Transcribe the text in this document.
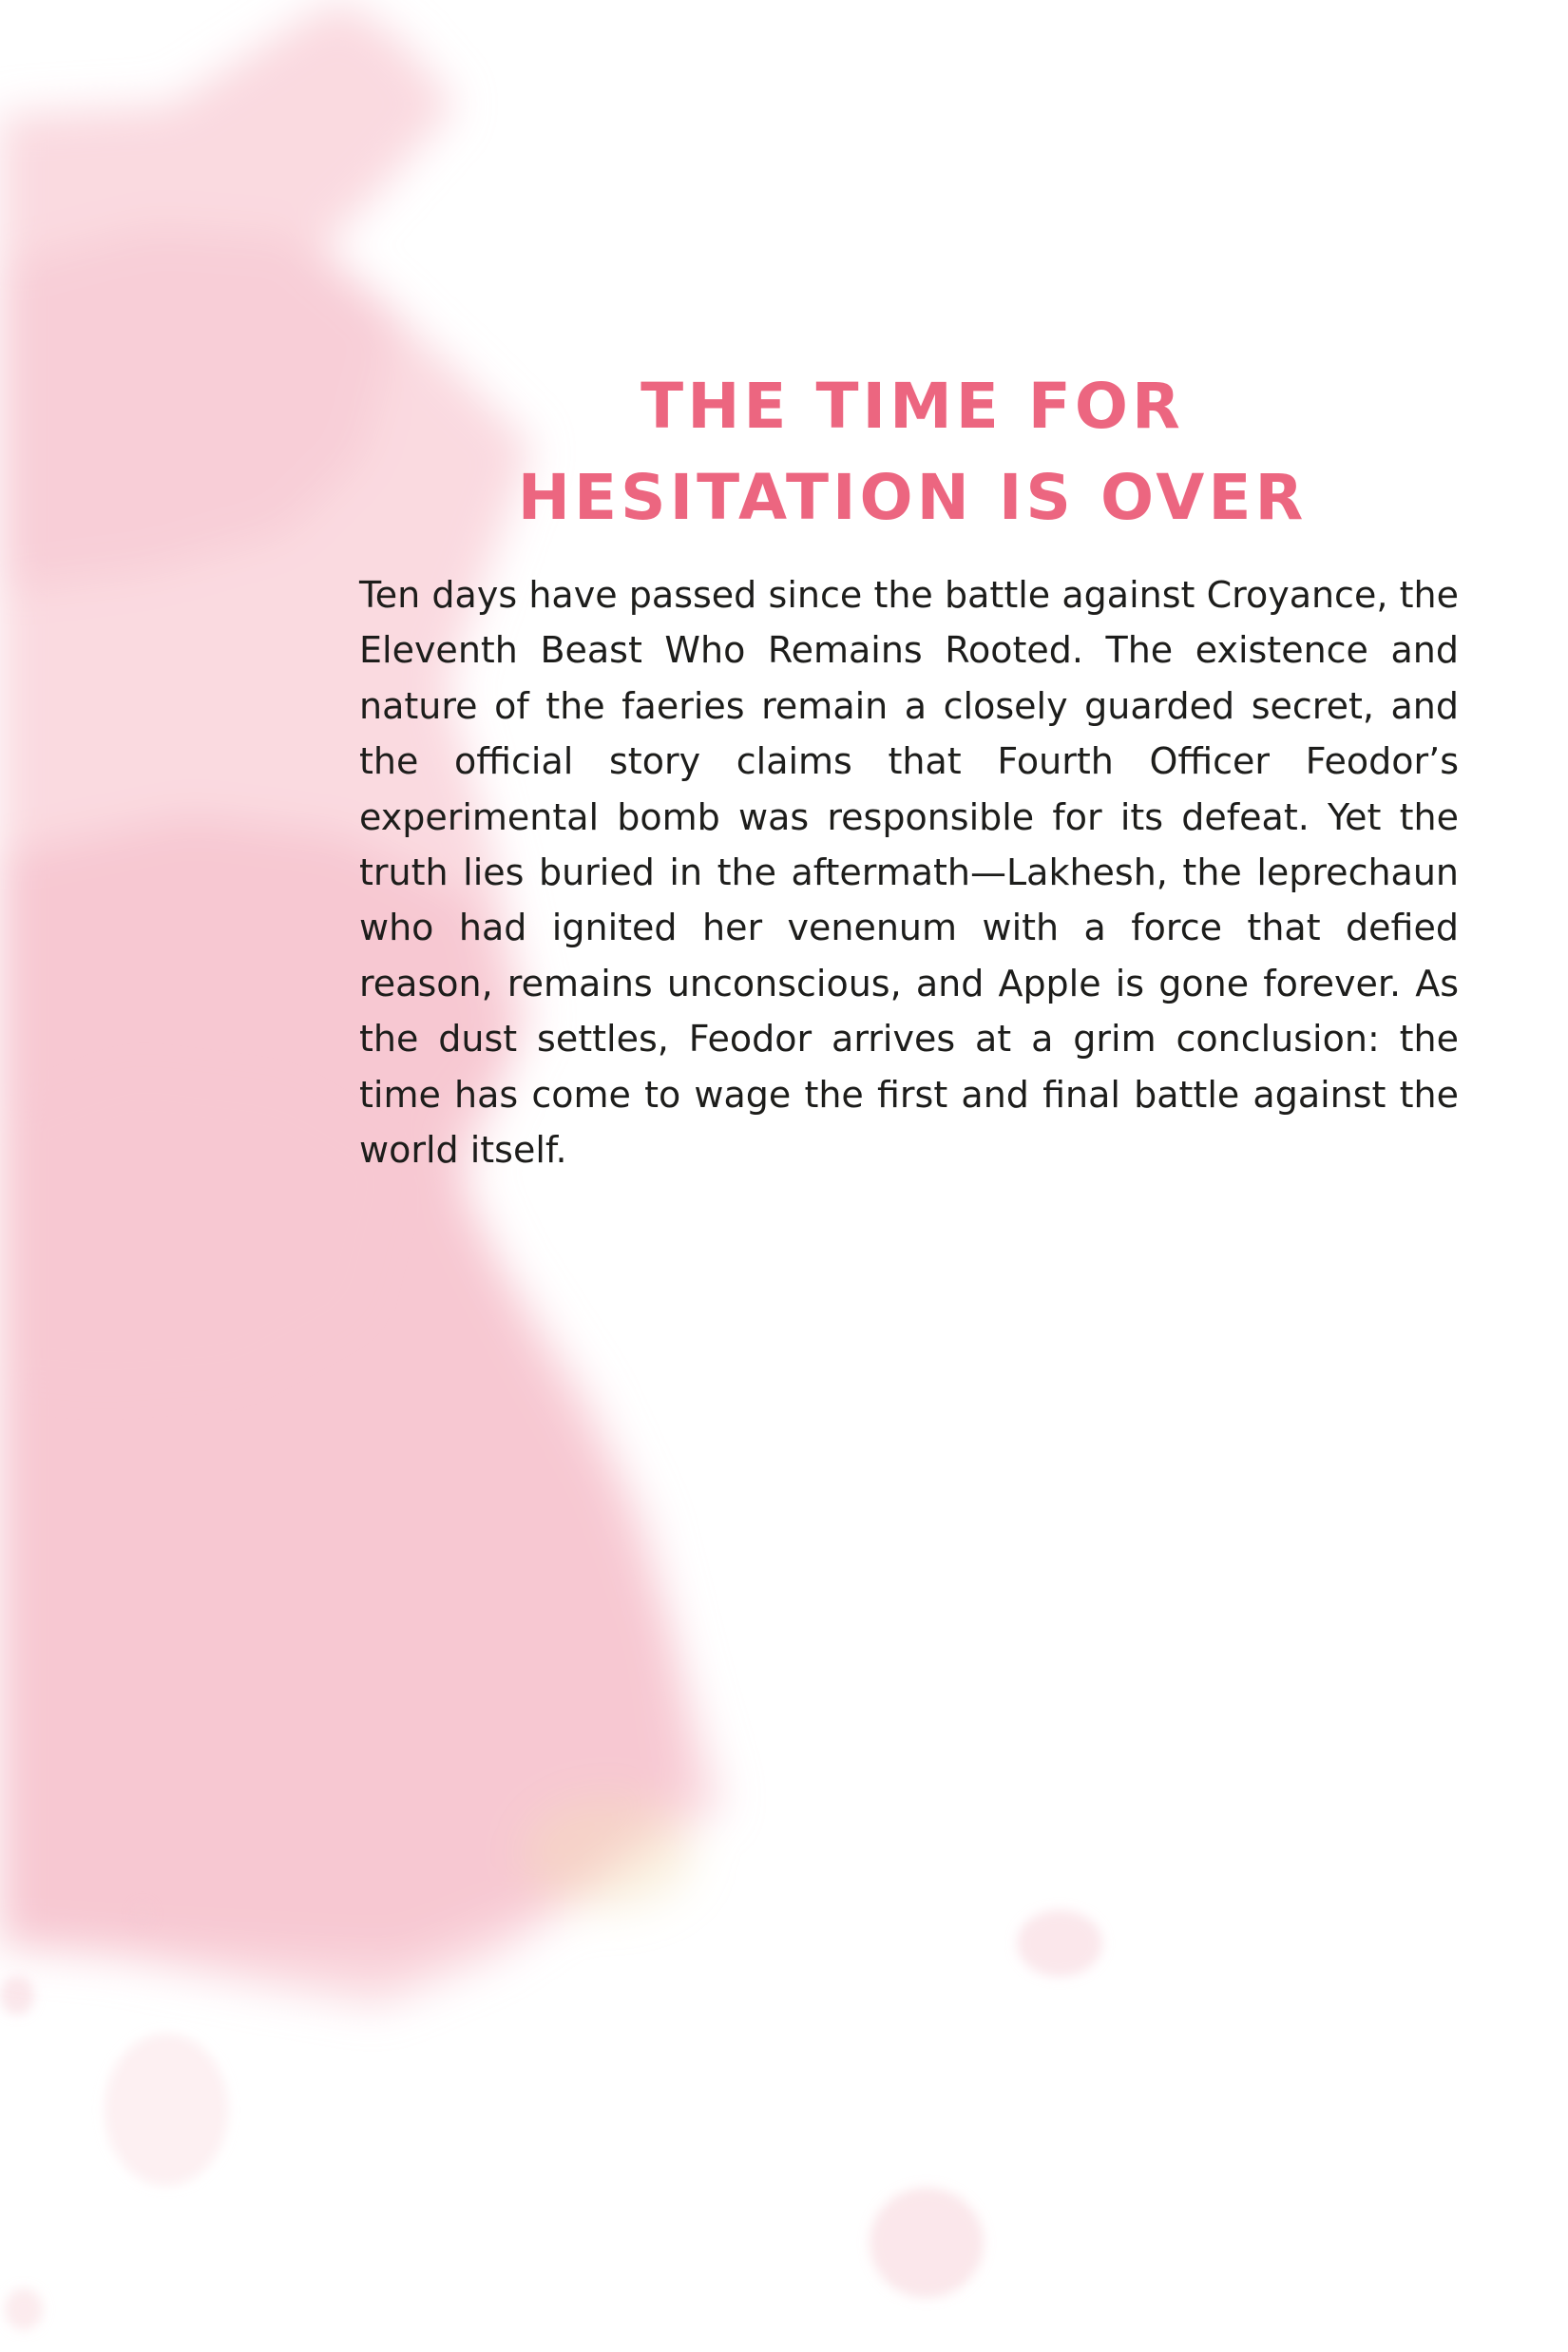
THE TIME FOR
HESITATION IS OVER

Ten days have passed since the battle against Croyance, the Eleventh Beast Who Remains Rooted. The existence and nature of the faeries remain a closely guarded secret, and the official story claims that Fourth Officer Feodor’s experimental bomb was responsible for its defeat. Yet the truth lies buried in the aftermath—Lakhesh, the leprechaun who had ignited her venenum with a force that defied reason, remains unconscious, and Apple is gone forever. As the dust settles, Feodor arrives at a grim conclusion: the time has come to wage the first and final battle against the world itself.
